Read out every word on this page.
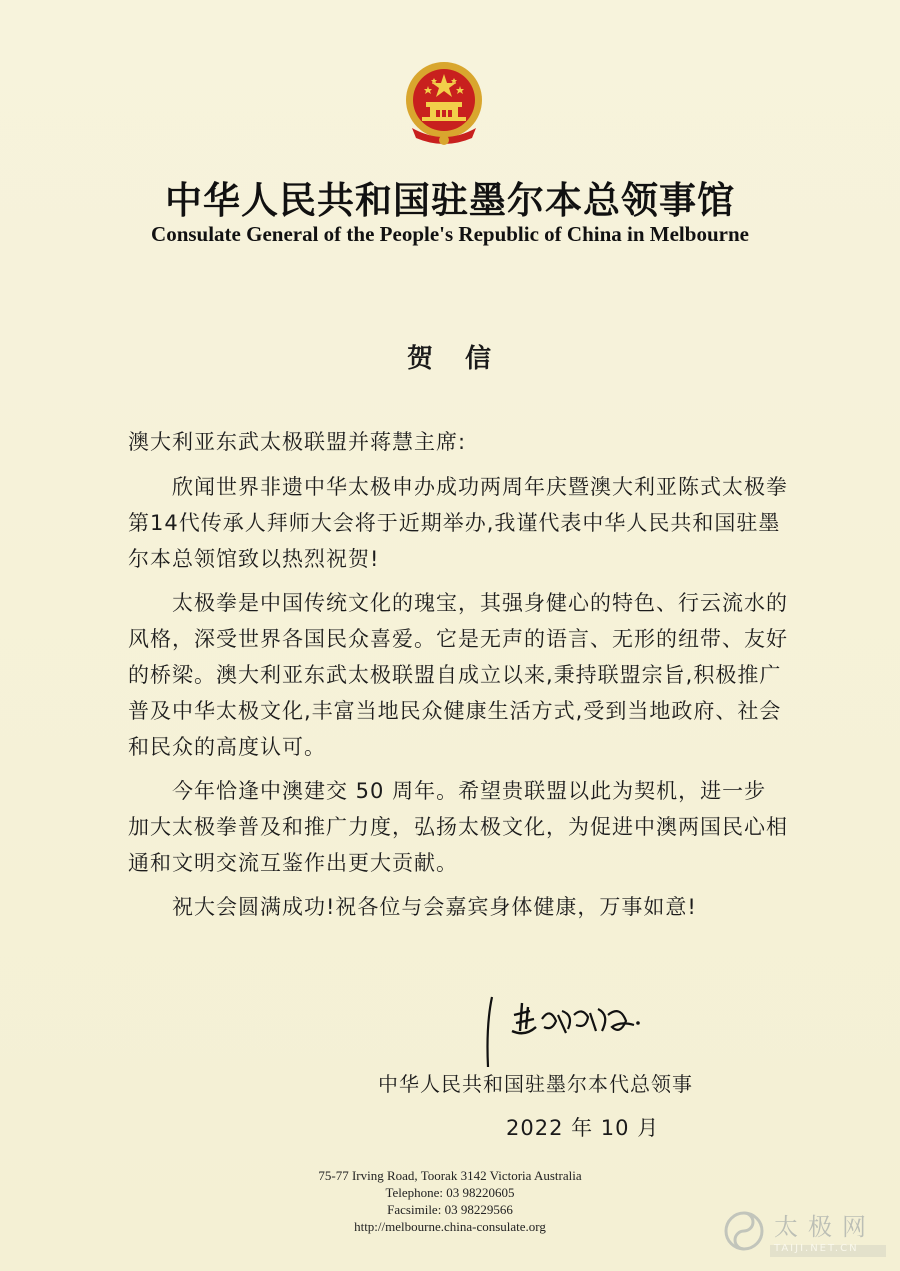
中华人民共和国驻墨尔本总领事馆
Consulate General of the People's Republic of China in Melbourne
贺信
澳大利亚东武太极联盟并蒋慧主席:

欣闻世界非遗中华太极申办成功两周年庆暨澳大利亚陈式太极拳第14代传承人拜师大会将于近期举办,我谨代表中华人民共和国驻墨尔本总领馆致以热烈祝贺!

太极拳是中国传统文化的瑰宝，其强身健心的特色、行云流水的风格，深受世界各国民众喜爱。它是无声的语言、无形的纽带、友好的桥梁。澳大利亚东武太极联盟自成立以来,秉持联盟宗旨,积极推广普及中华太极文化,丰富当地民众健康生活方式,受到当地政府、社会和民众的高度认可。

今年恰逢中澳建交 50 周年。希望贵联盟以此为契机，进一步加大太极拳普及和推广力度，弘扬太极文化，为促进中澳两国民心相通和文明交流互鉴作出更大贡献。

祝大会圆满成功!祝各位与会嘉宾身体健康，万事如意!

中华人民共和国驻墨尔本代总领事
2022 年 10 月
75-77 Irving Road, Toorak 3142 Victoria Australia
Telephone: 03 98220605
Facsimile: 03 98229566
http://melbourne.china-consulate.org	太极网
TAIJI.NET.CN
